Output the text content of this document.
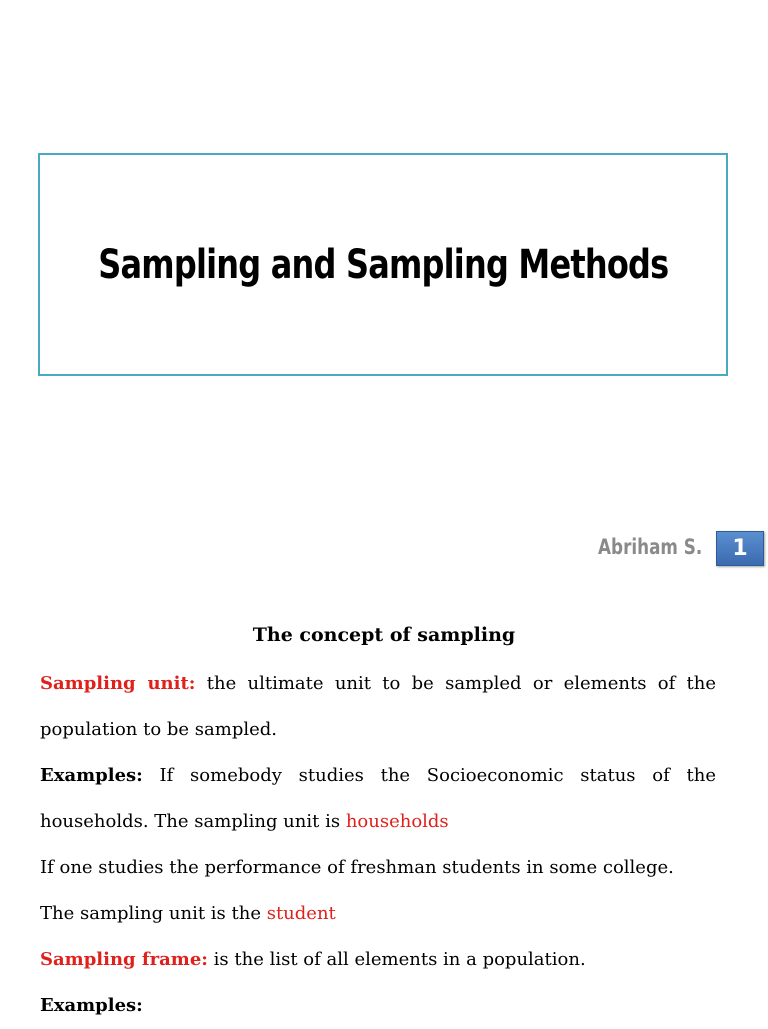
Sampling and Sampling Methods
Abriham S.	1
The concept of sampling

Sampling unit: the ultimate unit to be sampled or elements of the population to be sampled.

Examples: If somebody studies the Socioeconomic status of the households. The sampling unit is households

If one studies the performance of freshman students in some college.

The sampling unit is the student

Sampling frame: is the list of all elements in a population.

Examples:
